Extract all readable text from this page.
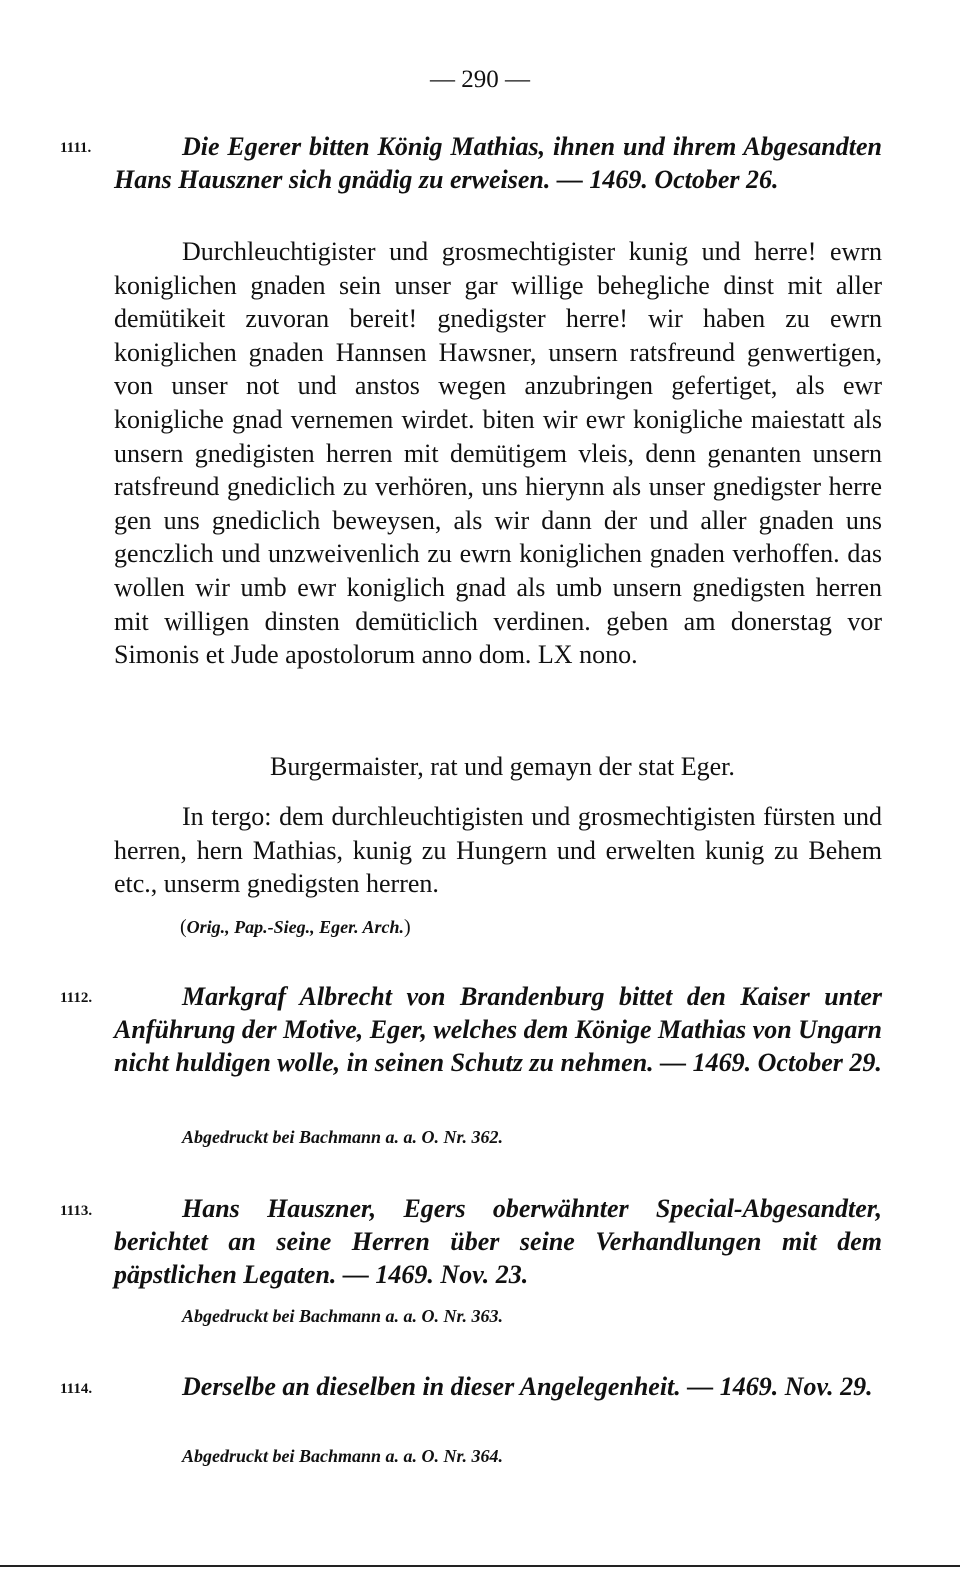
— 290 —
1111.	Die Egerer bitten König Mathias, ihnen und ihrem Abgesandten Hans Hauszner sich gnädig zu erweisen. — 1469. October 26.

Durchleuchtigister und grosmechtigister kunig und herre! ewrn koniglichen gnaden sein unser gar willige behegliche dinst mit aller demütikeit zuvoran bereit! gnedigster herre! wir haben zu ewrn koniglichen gnaden Hannsen Hawsner, unsern ratsfreund genwertigen, von unser not und anstos wegen anzubringen gefertiget, als ewr konigliche gnad vernemen wirdet. biten wir ewr konigliche maiestatt als unsern gnedigisten herren mit demütigem vleis, denn genanten unsern ratsfreund gnediclich zu verhören, uns hierynn als unser gnedigster herre gen uns gnediclich beweysen, als wir dann der und aller gnaden uns genczlich und unzweivenlich zu ewrn koniglichen gnaden verhoffen. das wollen wir umb ewr koniglich gnad als umb unsern gnedigsten herren mit willigen dinsten demüticlich verdinen. geben am donerstag vor Simonis et Jude apostolorum anno dom. LX nono.

Burgermaister, rat und gemayn der stat Eger.

In tergo: dem durchleuchtigisten und grosmechtigisten fürsten und herren, hern Mathias, kunig zu Hungern und erwelten kunig zu Behem etc., unserm gnedigsten herren.

(Orig., Pap.-Sieg., Eger. Arch.)
1112.	Markgraf Albrecht von Brandenburg bittet den Kaiser unter Anführung der Motive, Eger, welches dem Könige Mathias von Ungarn nicht huldigen wolle, in seinen Schutz zu nehmen. — 1469. October 29.

Abgedruckt bei Bachmann a. a. O. Nr. 362.
1113.	Hans Hauszner, Egers oberwähnter Special-Abgesandter, berichtet an seine Herren über seine Verhandlungen mit dem päpstlichen Legaten. — 1469. Nov. 23.

Abgedruckt bei Bachmann a. a. O. Nr. 363.
1114.	Derselbe an dieselben in dieser Angelegenheit. — 1469. Nov. 29.

Abgedruckt bei Bachmann a. a. O. Nr. 364.
